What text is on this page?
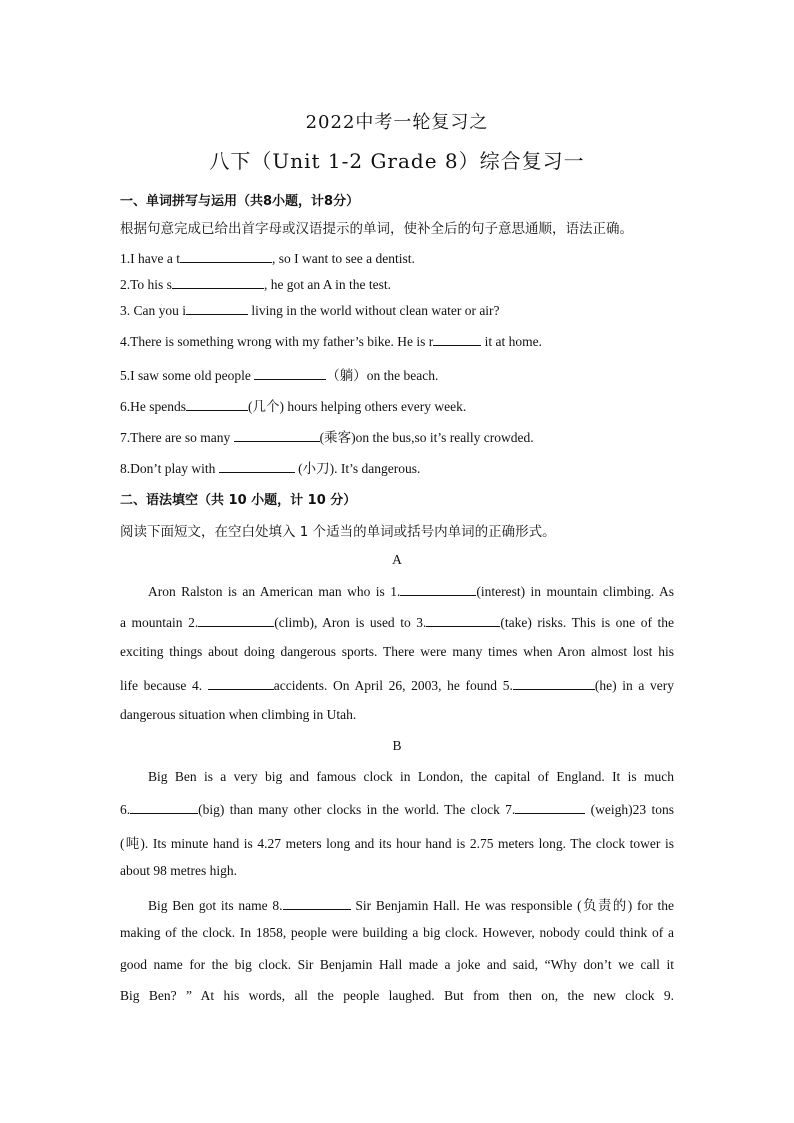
2022中考一轮复习之
八下（Unit 1-2 Grade 8）综合复习一
一、单词拼写与运用（共8小题，计8分）
根据句意完成已给出首字母或汉语提示的单词，使补全后的句子意思通顺，语法正确。
1.I have a t	, so I want to see a dentist.
2.To his s	, he got an A in the test.
3. Can you i	living in the world without clean water or air?
4.There is something wrong with my father’s bike. He is r	it at home.
5.I saw some old people	（躺）on the beach.
6.He spends	(几个) hours helping others every week.
7.There are so many	(乘客)on the bus,so it’s really crowded.
8.Don’t play with	(小刀). It’s dangerous.
二、语法填空（共 10 小题，计 10 分）
阅读下面短文，在空白处填入 1 个适当的单词或括号内单词的正确形式。
A
Aron Ralston is an American man who is 1.	(interest) in mountain climbing. As
a mountain 2.	(climb), Aron is used to 3.	(take) risks. This is one of the
exciting things about doing dangerous sports. There were many times when Aron almost lost his
life because 4.	accidents. On April 26, 2003, he found 5.	(he) in a very
dangerous situation when climbing in Utah.
B
Big Ben is a very big and famous clock in London, the capital of England. It is much
6.	(big) than many other clocks in the world. The clock 7.	(weigh)23 tons
(吨). Its minute hand is 4.27 meters long and its hour hand is 2.75 meters long. The clock tower is
about 98 metres high.
Big Ben got its name 8.	Sir Benjamin Hall. He was responsible (负责的) for the
making of the clock. In 1858, people were building a big clock. However, nobody could think of a
good name for the big clock. Sir Benjamin Hall made a joke and said, “Why don’t we call it
Big Ben? ” At his words, all the people laughed. But from then on, the new clock 9.
